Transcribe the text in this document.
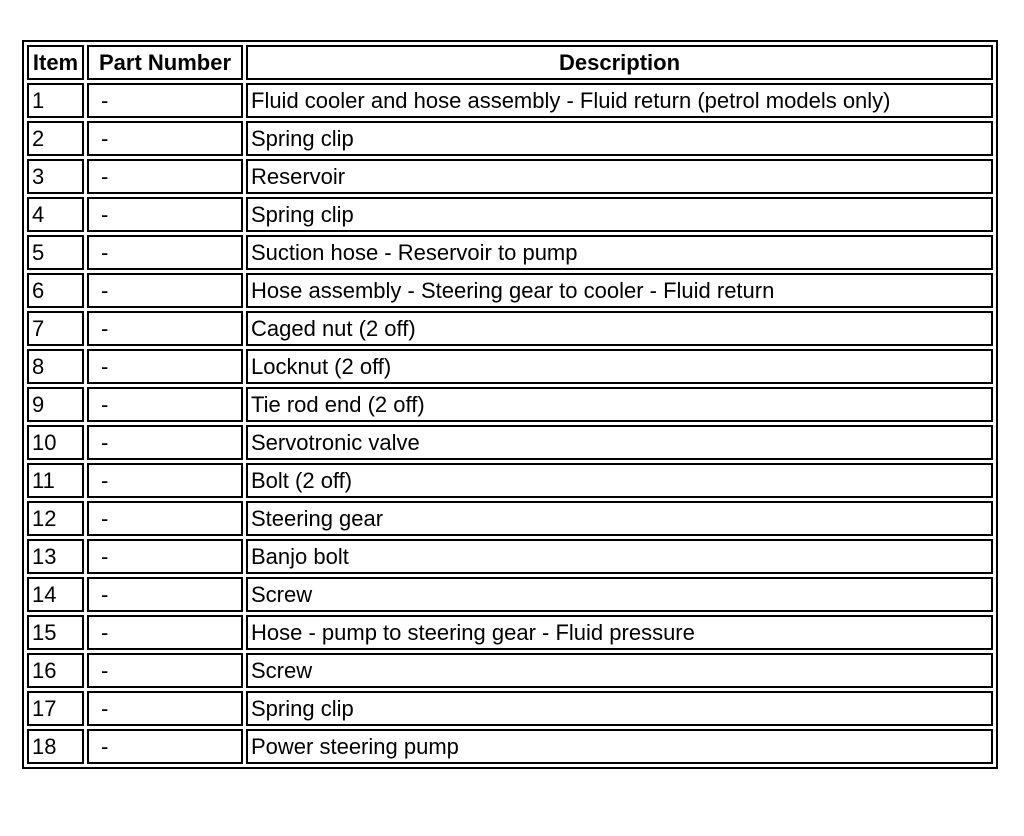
Item	Part Number	Description
1	-	Fluid cooler and hose assembly - Fluid return (petrol models only)
2	-	Spring clip
3	-	Reservoir
4	-	Spring clip
5	-	Suction hose - Reservoir to pump
6	-	Hose assembly - Steering gear to cooler - Fluid return
7	-	Caged nut (2 off)
8	-	Locknut (2 off)
9	-	Tie rod end (2 off)
10	-	Servotronic valve
11	-	Bolt (2 off)
12	-	Steering gear
13	-	Banjo bolt
14	-	Screw
15	-	Hose - pump to steering gear - Fluid pressure
16	-	Screw
17	-	Spring clip
18	-	Power steering pump
